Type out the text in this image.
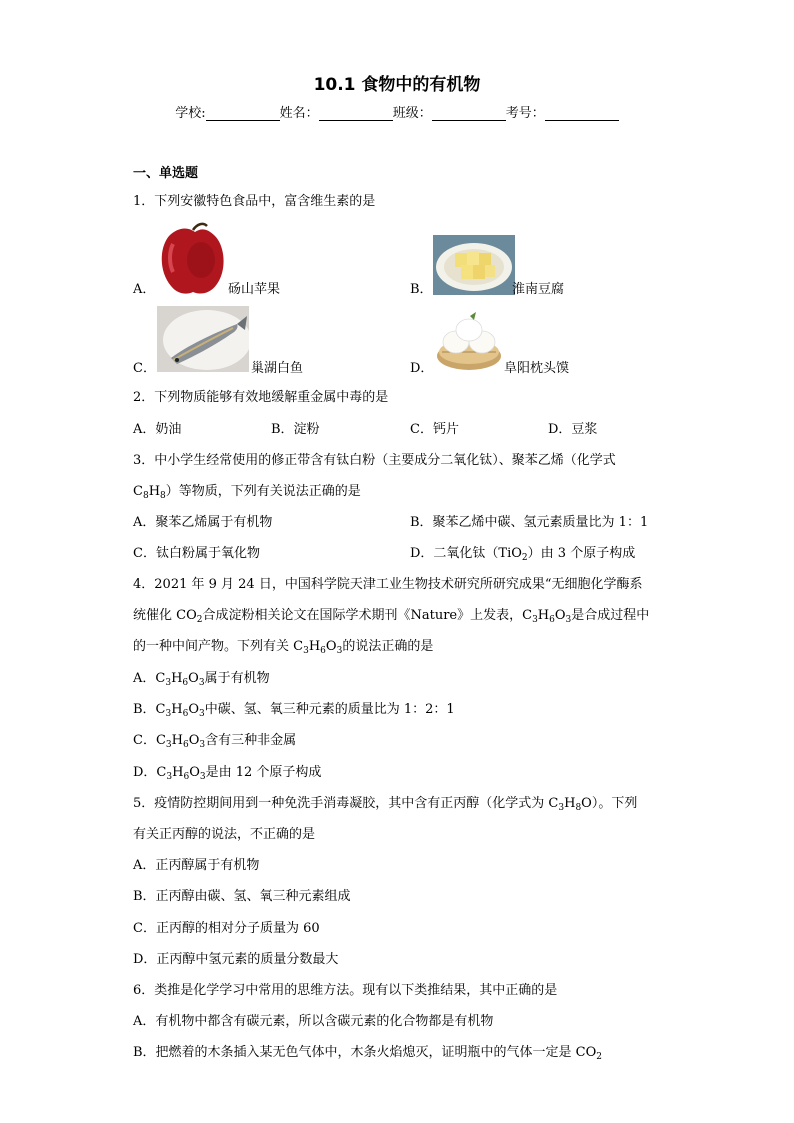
10.1 食物中的有机物
学校:	姓名：	班级：	考号：
一、单选题
1．下列安徽特色食品中，富含维生素的是
A．	砀山苹果	B．	淮南豆腐
C．	巢湖白鱼	D．	阜阳枕头馍
2．下列物质能够有效地缓解重金属中毒的是
A．奶油	B．淀粉	C．钙片	D．豆浆
3．中小学生经常使用的修正带含有钛白粉（主要成分二氧化钛）、聚苯乙烯（化学式
$C_8H_8$）等物质，下列有关说法正确的是
A．聚苯乙烯属于有机物	B．聚苯乙烯中碳、氢元素质量比为 1：1
C．钛白粉属于氧化物	D．二氧化钛（TiO$_2$）由 3 个原子构成
4．2021 年 9 月 24 日，中国科学院天津工业生物技术研究所研究成果“无细胞化学酶系
统催化 $CO_2$合成淀粉相关论文在国际学术期刊《Nature》上发表，$C_3H_6O_3$是合成过程中
的一种中间产物。下列有关 $C_3H_6O_3$的说法正确的是
A．$C_3H_6O_3$属于有机物
B．$C_3H_6O_3$中碳、氢、氧三种元素的质量比为 1：2：1
C．$C_3H_6O_3$含有三种非金属
D．$C_3H_6O_3$是由 12 个原子构成
5．疫情防控期间用到一种免洗手消毒凝胶，其中含有正丙醇（化学式为 $C_3H_8O$）。下列
有关正丙醇的说法，不正确的是
A．正丙醇属于有机物
B．正丙醇由碳、氢、氧三种元素组成
C．正丙醇的相对分子质量为 60
D．正丙醇中氢元素的质量分数最大
6．类推是化学学习中常用的思维方法。现有以下类推结果，其中正确的是
A．有机物中都含有碳元素，所以含碳元素的化合物都是有机物
B．把燃着的木条插入某无色气体中，木条火焰熄灭，证明瓶中的气体一定是 $CO_2$
